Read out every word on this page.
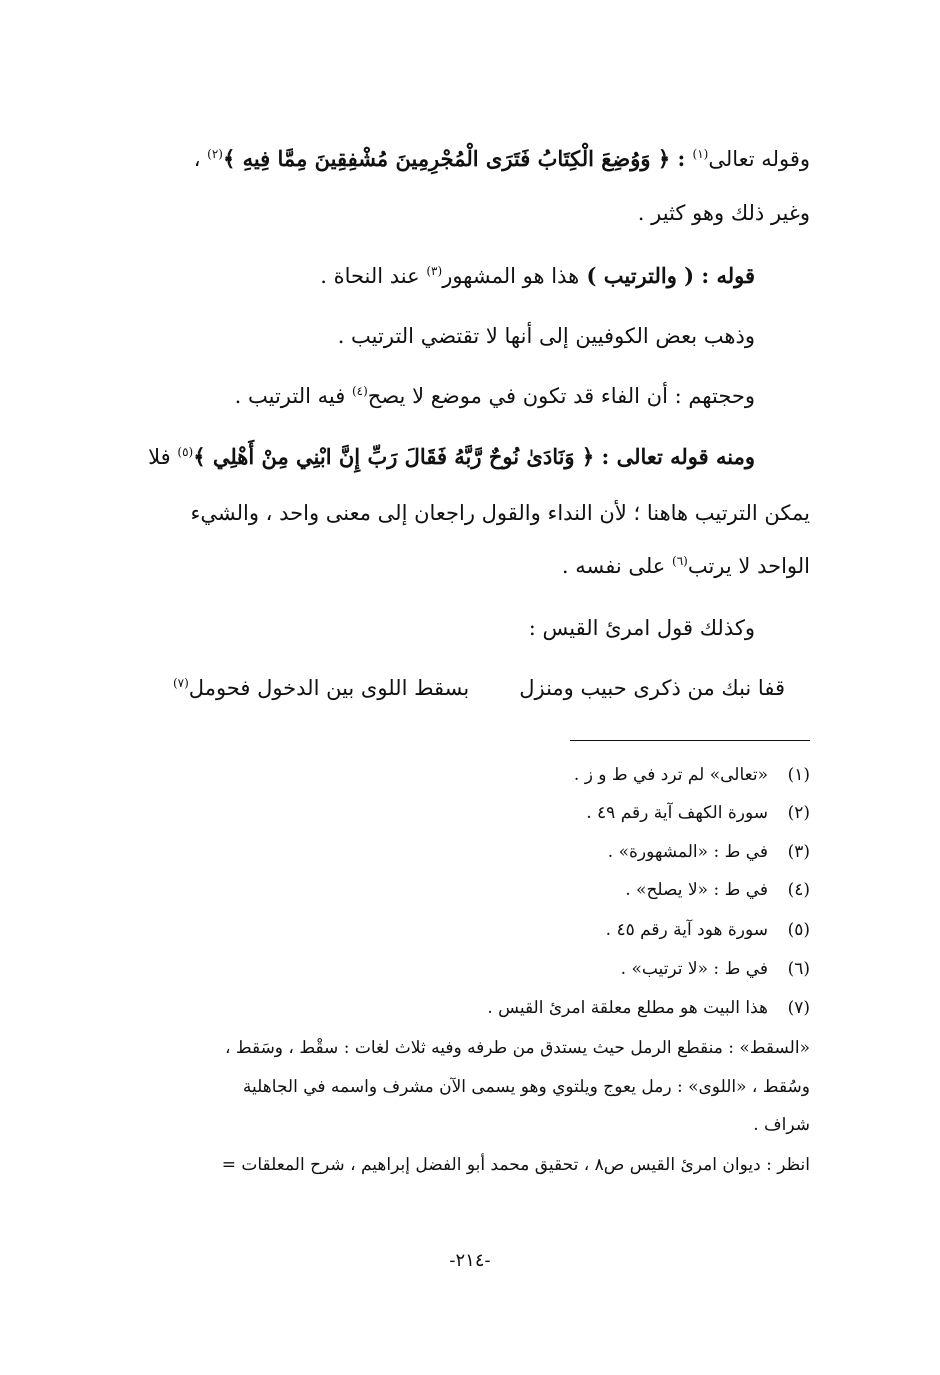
وقوله تعالى$^{(١)}$ : ﴿ وَوُضِعَ الْكِتَابُ فَتَرَى الْمُجْرِمِينَ مُشْفِقِينَ مِمَّا فِيهِ ﴾$^{(٢)}$ ،
وغير ذلك وهو كثير .
قوله : ( والترتيب ) هذا هو المشهور$^{(٣)}$ عند النحاة .
وذهب بعض الكوفيين إلى أنها لا تقتضي الترتيب .
وحجتهم : أن الفاء قد تكون في موضع لا يصح$^{(٤)}$ فيه الترتيب .
ومنه قوله تعالى : ﴿ وَنَادَىٰ نُوحٌ رَّبَّهُ فَقَالَ رَبِّ إِنَّ ابْنِي مِنْ أَهْلِي ﴾$^{(٥)}$ فلا
يمكن الترتيب هاهنا ؛ لأن النداء والقول راجعان إلى معنى واحد ، والشيء
الواحد لا يرتب$^{(٦)}$ على نفسه .
وكذلك قول امرئ القيس :
قفا نبك من ذكرى حبيب ومنزلبسقط اللوى بين الدخول فحومل$^{(٧)}$
(١)«تعالى» لم ترد في ط و ز .
(٢)سورة الكهف آية رقم ٤٩ .
(٣)في ط : «المشهورة» .
(٤)في ط : «لا يصلح» .
(٥)سورة هود آية رقم ٤٥ .
(٦)في ط : «لا ترتيب» .
(٧)هذا البيت هو مطلع معلقة امرئ القيس .
«السقط» : منقطع الرمل حيث يستدق من طرفه وفيه ثلاث لغات : سقْط ، وسَقط ،
وسُقط ، «اللوى» : رمل يعوج ويلتوي وهو يسمى الآن مشرف واسمه في الجاهلية
شراف .
انظر : ديوان امرئ القيس ص٨ ، تحقيق محمد أبو الفضل إبراهيم ، شرح المعلقات =
-٢١٤-
